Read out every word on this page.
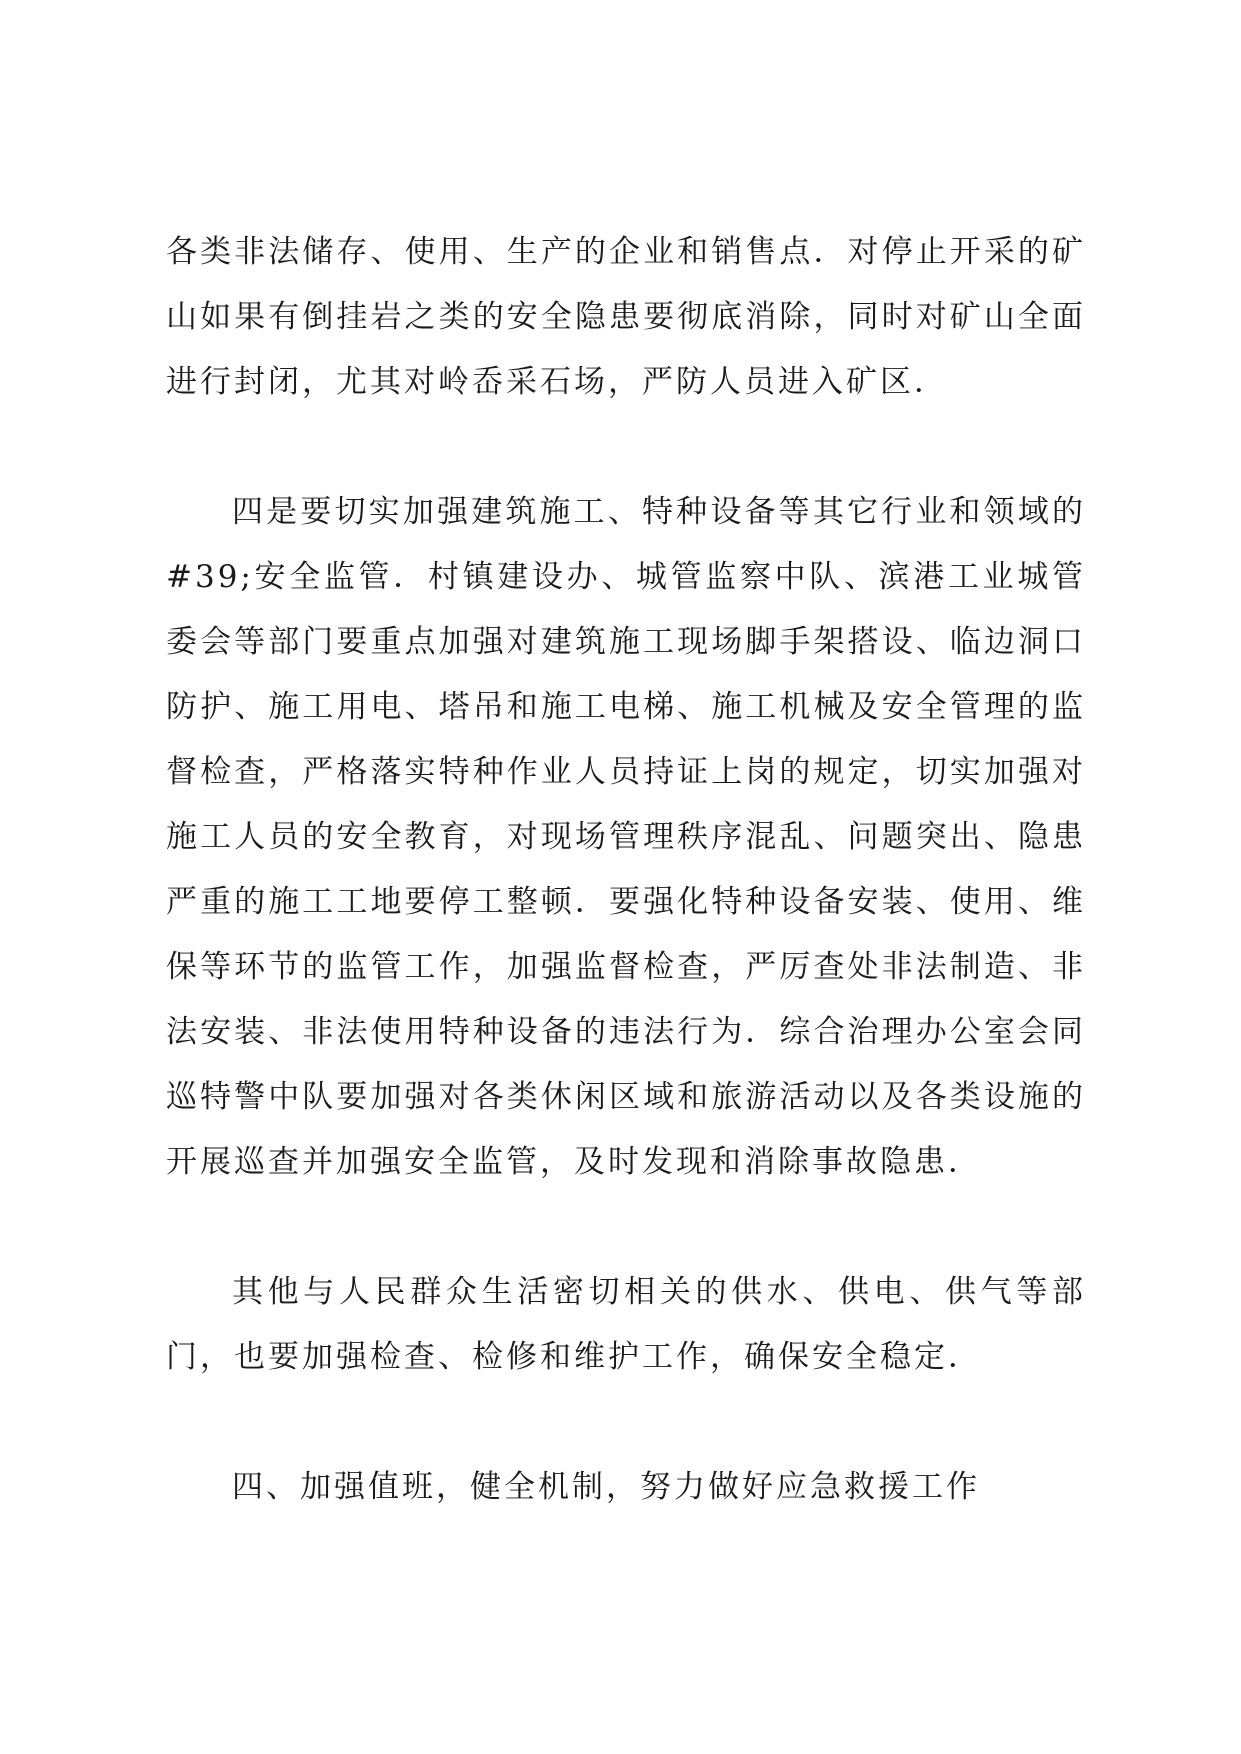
各类非法储存、使用、生产的企业和销售点．对停止开采的矿山如果有倒挂岩之类的安全隐患要彻底消除，同时对矿山全面进行封闭，尤其对岭岙采石场，严防人员进入矿区．

四是要切实加强建筑施工、特种设备等其它行业和领域的#39;安全监管．村镇建设办、城管监察中队、滨港工业城管委会等部门要重点加强对建筑施工现场脚手架搭设、临边洞口防护、施工用电、塔吊和施工电梯、施工机械及安全管理的监督检查，严格落实特种作业人员持证上岗的规定，切实加强对施工人员的安全教育，对现场管理秩序混乱、问题突出、隐患严重的施工工地要停工整顿．要强化特种设备安装、使用、维保等环节的监管工作，加强监督检查，严厉查处非法制造、非法安装、非法使用特种设备的违法行为．综合治理办公室会同巡特警中队要加强对各类休闲区域和旅游活动以及各类设施的开展巡查并加强安全监管，及时发现和消除事故隐患．

其他与人民群众生活密切相关的供水、供电、供气等部门，也要加强检查、检修和维护工作，确保安全稳定．

四、加强值班，健全机制，努力做好应急救援工作
